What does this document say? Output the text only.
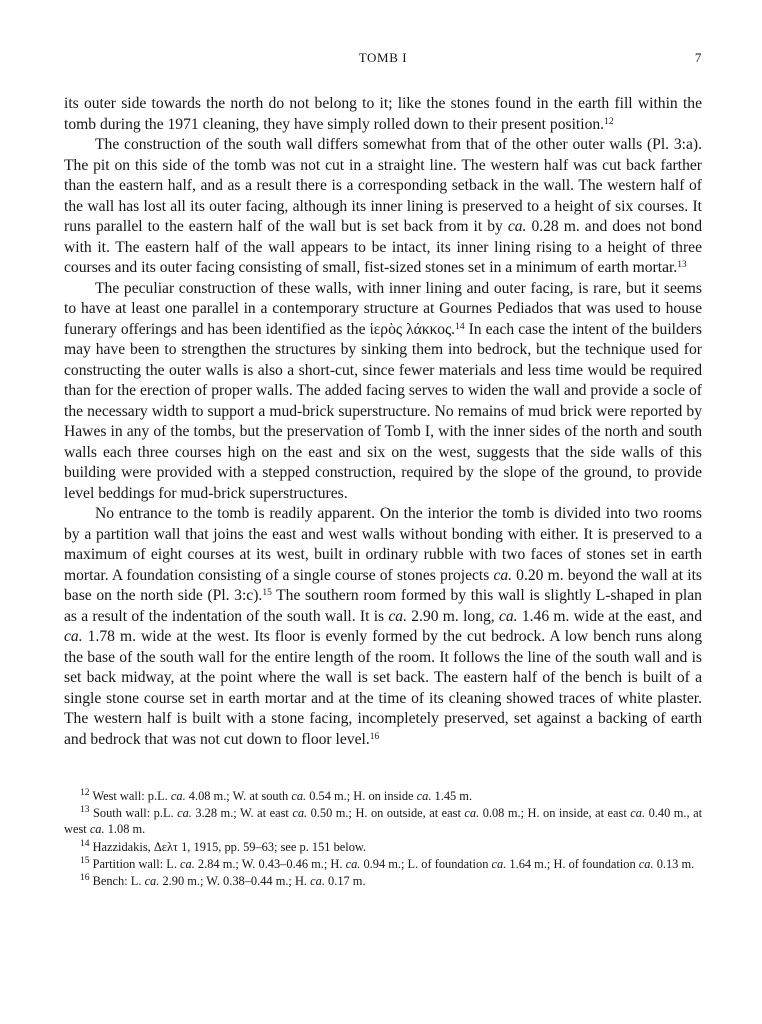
TOMB I	7

its outer side towards the north do not belong to it; like the stones found in the earth fill within the tomb during the 1971 cleaning, they have simply rolled down to their present position.$^{12}$

The construction of the south wall differs somewhat from that of the other outer walls (Pl. 3:a). The pit on this side of the tomb was not cut in a straight line. The western half was cut back farther than the eastern half, and as a result there is a corresponding setback in the wall. The western half of the wall has lost all its outer facing, although its inner lining is preserved to a height of six courses. It runs parallel to the eastern half of the wall but is set back from it by ca. 0.28 m. and does not bond with it. The eastern half of the wall appears to be intact, its inner lining rising to a height of three courses and its outer facing consisting of small, fist-sized stones set in a minimum of earth mortar.$^{13}$

The peculiar construction of these walls, with inner lining and outer facing, is rare, but it seems to have at least one parallel in a contemporary structure at Gournes Pediados that was used to house funerary offerings and has been identified as the ἱερὸς λάκκος.$^{14}$ In each case the intent of the builders may have been to strengthen the structures by sinking them into bedrock, but the technique used for constructing the outer walls is also a short-cut, since fewer materials and less time would be required than for the erection of proper walls. The added facing serves to widen the wall and provide a socle of the necessary width to support a mud-brick superstructure. No remains of mud brick were reported by Hawes in any of the tombs, but the preservation of Tomb I, with the inner sides of the north and south walls each three courses high on the east and six on the west, suggests that the side walls of this building were provided with a stepped construction, required by the slope of the ground, to provide level beddings for mud-brick superstructures.

No entrance to the tomb is readily apparent. On the interior the tomb is divided into two rooms by a partition wall that joins the east and west walls without bonding with either. It is preserved to a maximum of eight courses at its west, built in ordinary rubble with two faces of stones set in earth mortar. A foundation consisting of a single course of stones projects ca. 0.20 m. beyond the wall at its base on the north side (Pl. 3:c).$^{15}$ The southern room formed by this wall is slightly L-shaped in plan as a result of the indentation of the south wall. It is ca. 2.90 m. long, ca. 1.46 m. wide at the east, and ca. 1.78 m. wide at the west. Its floor is evenly formed by the cut bedrock. A low bench runs along the base of the south wall for the entire length of the room. It follows the line of the south wall and is set back midway, at the point where the wall is set back. The eastern half of the bench is built of a single stone course set in earth mortar and at the time of its cleaning showed traces of white plaster. The western half is built with a stone facing, incompletely preserved, set against a backing of earth and bedrock that was not cut down to floor level.$^{16}$

$^{12}$ West wall: p.L. ca. 4.08 m.; W. at south ca. 0.54 m.; H. on inside ca. 1.45 m.

$^{13}$ South wall: p.L. ca. 3.28 m.; W. at east ca. 0.50 m.; H. on outside, at east ca. 0.08 m.; H. on inside, at east ca. 0.40 m., at west ca. 1.08 m.

$^{14}$ Hazzidakis, Δελτ 1, 1915, pp. 59–63; see p. 151 below.

$^{15}$ Partition wall: L. ca. 2.84 m.; W. 0.43–0.46 m.; H. ca. 0.94 m.; L. of foundation ca. 1.64 m.; H. of foundation ca. 0.13 m.

$^{16}$ Bench: L. ca. 2.90 m.; W. 0.38–0.44 m.; H. ca. 0.17 m.
